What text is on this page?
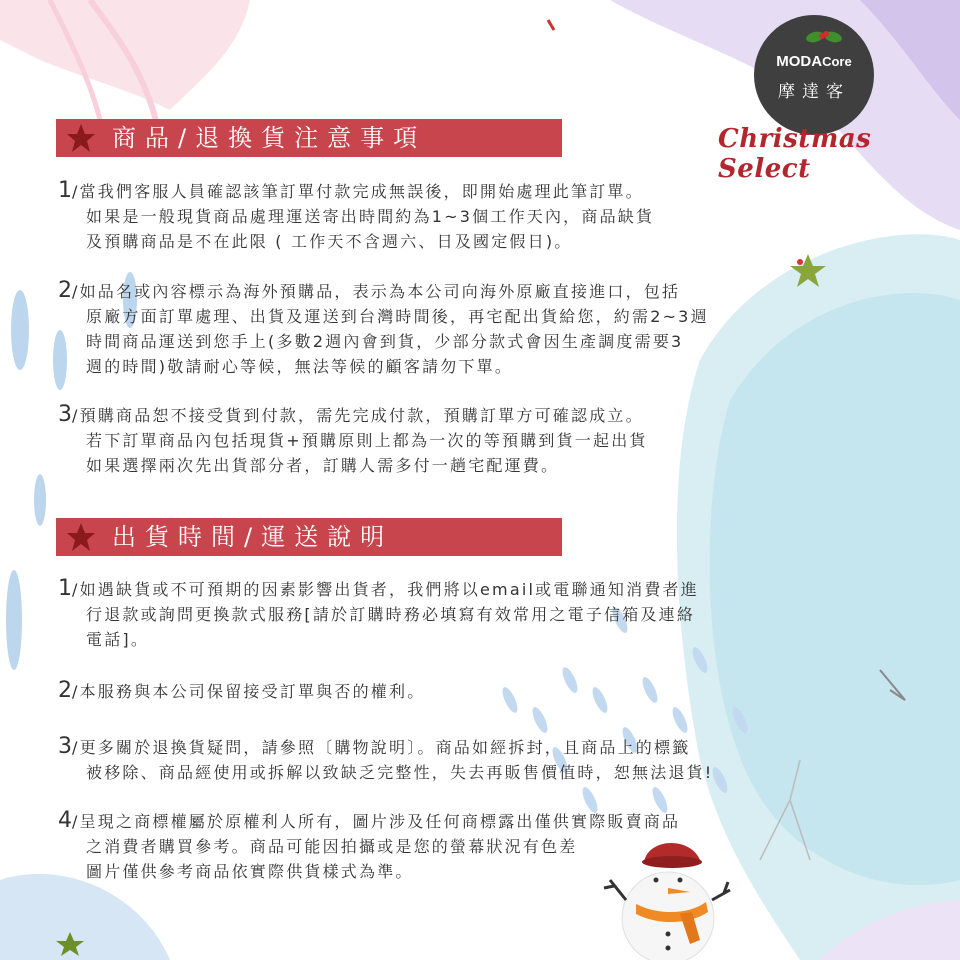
MODACore
摩達客
Christmas Select
商品/退換貨注意事項
1/當我們客服人員確認該筆訂單付款完成無誤後，即開始處理此筆訂單。
如果是一般現貨商品處理運送寄出時間約為1~3個工作天內，商品缺貨
及預購商品是不在此限 ( 工作天不含週六、日及國定假日)。
2/如品名或內容標示為海外預購品，表示為本公司向海外原廠直接進口，包括
原廠方面訂單處理、出貨及運送到台灣時間後，再宅配出貨給您，約需2~3週
時間商品運送到您手上(多數2週內會到貨，少部分款式會因生產調度需要3
週的時間)敬請耐心等候，無法等候的顧客請勿下單。
3/預購商品恕不接受貨到付款，需先完成付款，預購訂單方可確認成立。
若下訂單商品內包括現貨+預購原則上都為一次的等預購到貨一起出貨
如果選擇兩次先出貨部分者，訂購人需多付一趟宅配運費。
出貨時間/運送說明
1/如遇缺貨或不可預期的因素影響出貨者，我們將以email或電聯通知消費者進
行退款或詢問更換款式服務[請於訂購時務必填寫有效常用之電子信箱及連絡
電話]。
2/本服務與本公司保留接受訂單與否的權利。
3/更多關於退換貨疑問，請參照〔購物說明〕。商品如經拆封，且商品上的標籤
被移除、商品經使用或拆解以致缺乏完整性，失去再販售價值時，恕無法退貨!
4/呈現之商標權屬於原權利人所有，圖片涉及任何商標露出僅供實際販賣商品
之消費者購買參考。商品可能因拍攝或是您的螢幕狀況有色差
圖片僅供參考商品依實際供貨樣式為準。
